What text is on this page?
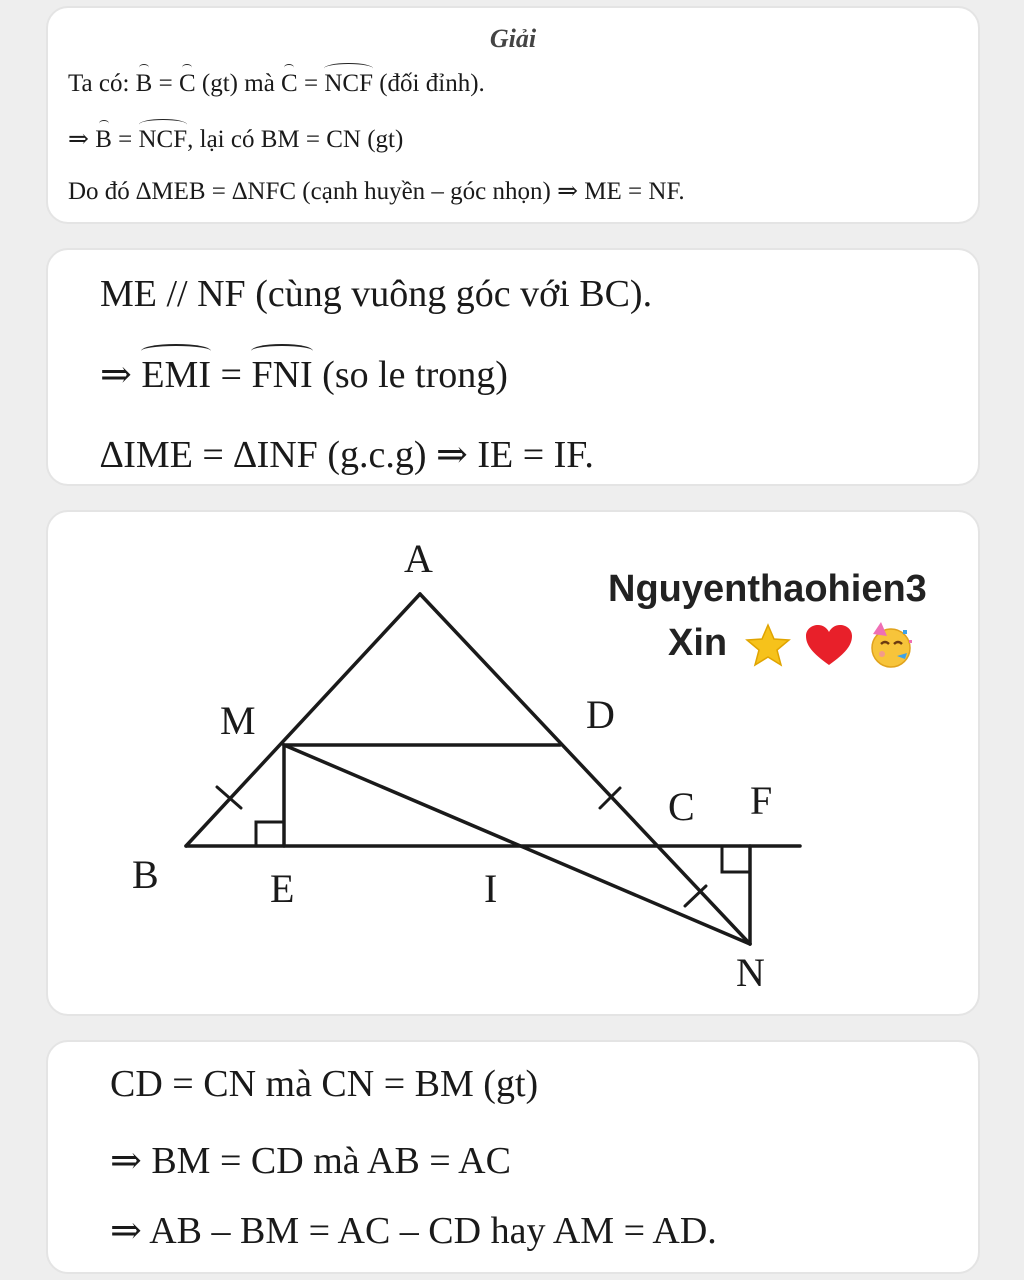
Giải
Ta có: B = C (gt) mà C = NCF (đối đỉnh).
⇒ B = NCF, lại có BM = CN (gt)
Do đó ∆MEB = ∆NFC (cạnh huyền – góc nhọn) ⇒ ME = NF.
ME // NF (cùng vuông góc với BC).
⇒ EMI = FNI (so le trong)
∆IME = ∆INF (g.c.g) ⇒ IE = IF.
A
M	D
C F
B	E	I
N
Nguyenthaohien3
Xin
CD = CN mà CN = BM (gt)
⇒ BM = CD mà AB = AC
⇒ AB – BM = AC – CD hay AM = AD.
